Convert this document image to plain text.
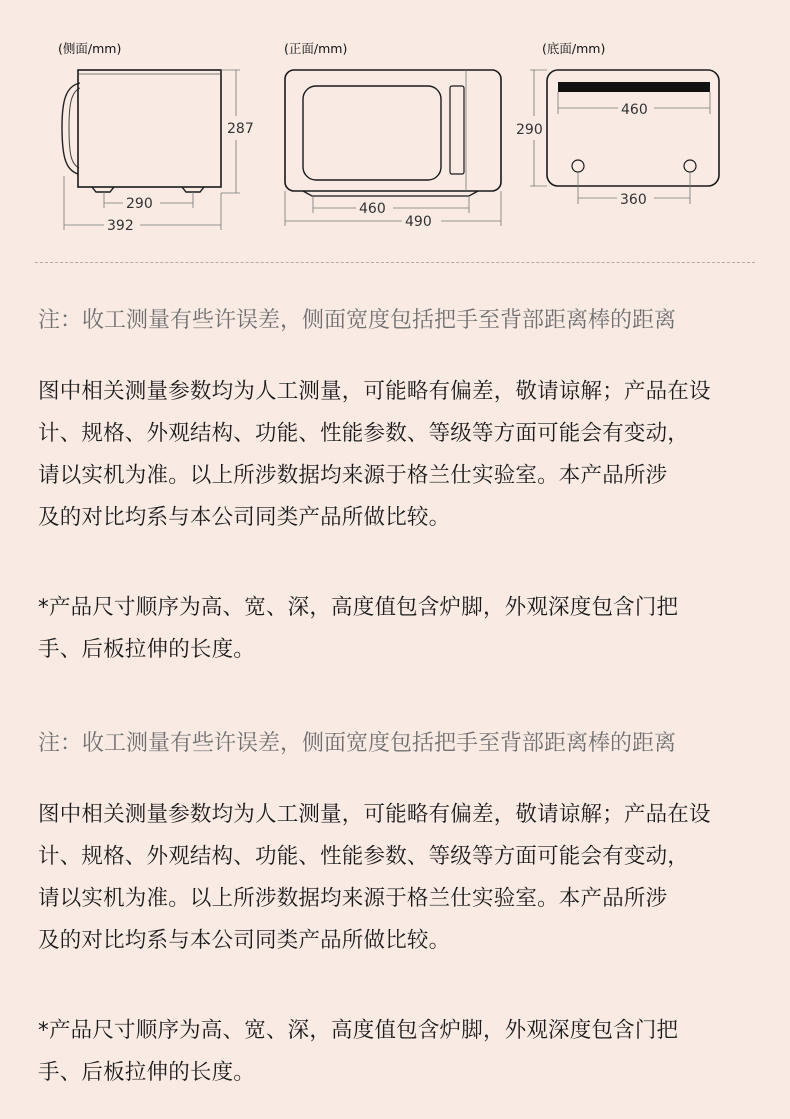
(侧面/mm)
287
290
392
(正面/mm)
460
490
(底面/mm)
460
360
290

注：收工测量有些许误差，侧面宽度包括把手至背部距离棒的距离

图中相关测量参数均为人工测量，可能略有偏差，敬请谅解；产品在设
计、规格、外观结构、功能、性能参数、等级等方面可能会有变动，
请以实机为准。以上所涉数据均来源于格兰仕实验室。本产品所涉
及的对比均系与本公司同类产品所做比较。
*产品尺寸顺序为高、宽、深，高度值包含炉脚，外观深度包含门把
手、后板拉伸的长度。

注：收工测量有些许误差，侧面宽度包括把手至背部距离棒的距离

图中相关测量参数均为人工测量，可能略有偏差，敬请谅解；产品在设
计、规格、外观结构、功能、性能参数、等级等方面可能会有变动，
请以实机为准。以上所涉数据均来源于格兰仕实验室。本产品所涉
及的对比均系与本公司同类产品所做比较。
*产品尺寸顺序为高、宽、深，高度值包含炉脚，外观深度包含门把
手、后板拉伸的长度。
